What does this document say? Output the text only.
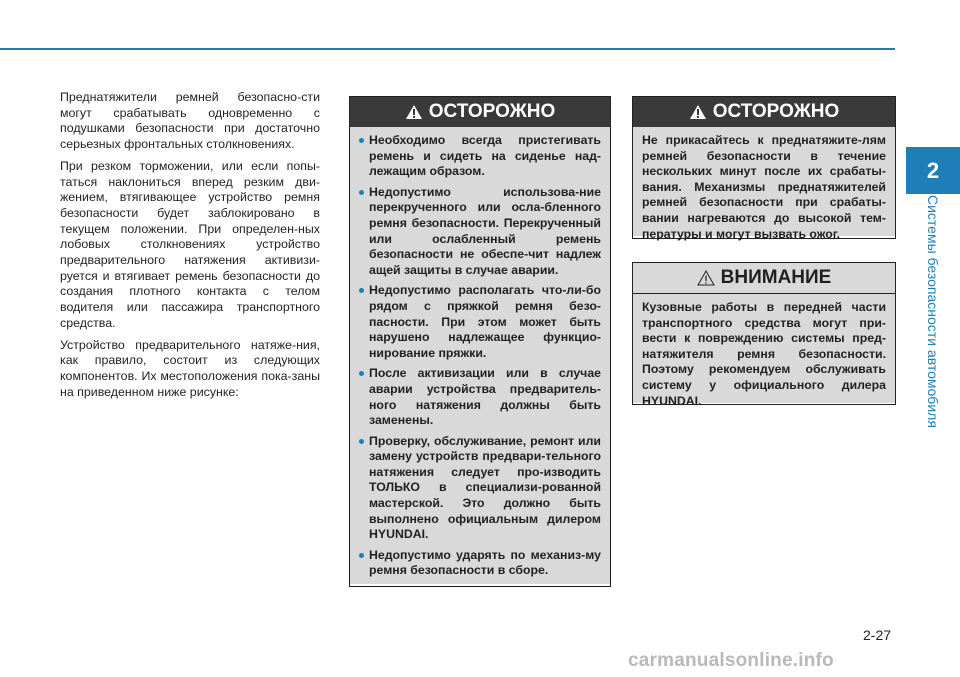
2
Системы безопасности автомобиля

Преднатяжители ремней безопасно-сти могут срабатывать одновременно с подушками безопасности при достаточно серьезных фронтальных столкновениях.

При резком торможении, или если попы-таться наклониться вперед резким дви-жением, втягивающее устройство ремня безопасности будет заблокировано в текущем положении. При определен-ных лобовых столкновениях устройство предварительного натяжения активизи-руется и втягивает ремень безопасности до создания плотного контакта с телом водителя или пассажира транспортного средства.

Устройство предварительного натяже-ния, как правило, состоит из следующих компонентов. Их местоположения пока-заны на приведенном ниже рисунке:

ОСТОРОЖНО
Необходимо всегда пристегивать ремень и сидеть на сиденье над-лежащим образом.
Недопустимо использова-ние перекрученного или осла-бленного ремня безопасности. Перекрученный или ослабленный ремень безопасности не обеспе-чит надлеж ащей защиты в случае аварии.
Недопустимо располагать что-ли-бо рядом с пряжкой ремня безо-пасности. При этом может быть нарушено надлежащее функцио-нирование пряжки.
После активизации или в случае аварии устройства предваритель-ного натяжения должны быть заменены.
Проверку, обслуживание, ремонт или замену устройств предвари-тельного натяжения следует про-изводить ТОЛЬКО в специализи-рованной мастерской. Это должно быть выполнено официальным дилером HYUNDAI.
Недопустимо ударять по механиз-му ремня безопасности в сборе.
ОСТОРОЖНО
Не прикасайтесь к преднатяжите-лям ремней безопасности в течение нескольких минут после их срабаты-вания. Механизмы преднатяжителей ремней безопасности при срабаты-вании нагреваются до высокой тем-пературы и могут вызвать ожог.
ВНИМАНИЕ
Кузовные работы в передней части транспортного средства могут при-вести к повреждению системы пред-натяжителя ремня безопасности. Поэтому рекомендуем обслуживать систему у официального дилера HYUNDAI.
2-27
carmanualsonline.info
